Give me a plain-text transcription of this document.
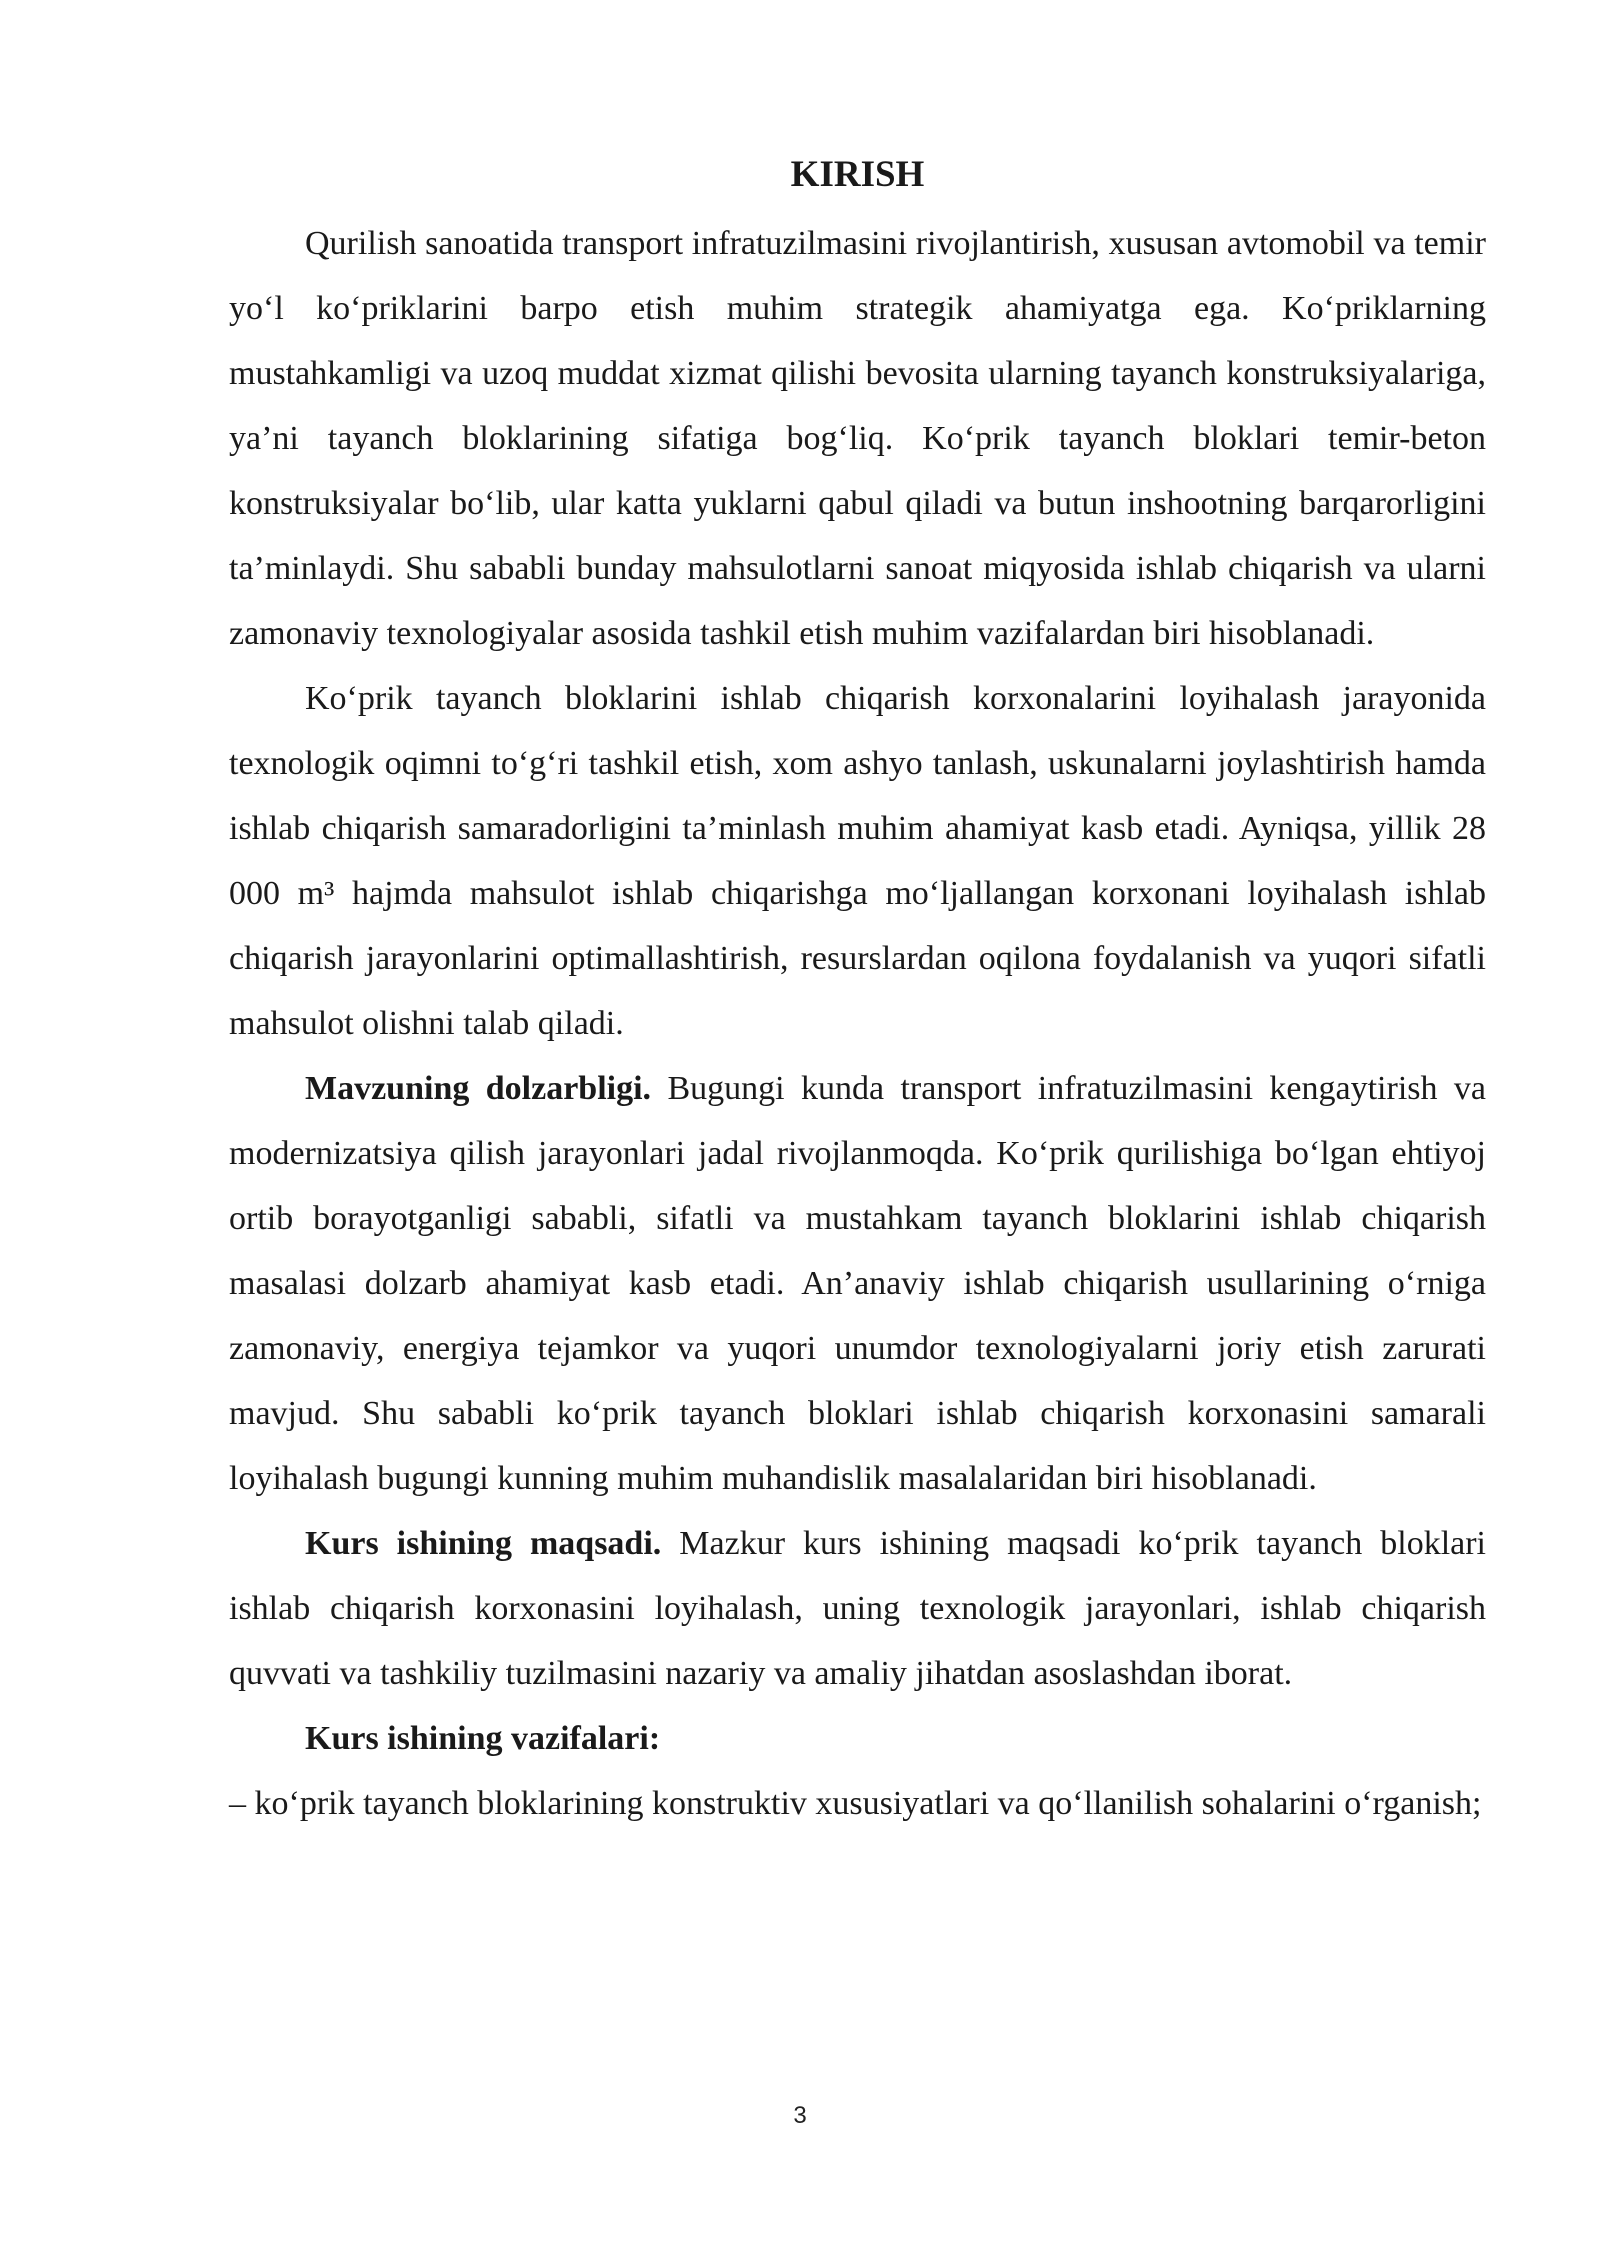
KIRISH

Qurilish sanoatida transport infratuzilmasini rivojlantirish, xususan avtomobil va temir yo‘l ko‘priklarini barpo etish muhim strategik ahamiyatga ega. Ko‘priklarning mustahkamligi va uzoq muddat xizmat qilishi bevosita ularning tayanch konstruksiyalariga, ya’ni tayanch bloklarining sifatiga bog‘liq. Ko‘prik tayanch bloklari temir-beton konstruksiyalar bo‘lib, ular katta yuklarni qabul qiladi va butun inshootning barqarorligini ta’minlaydi. Shu sababli bunday mahsulotlarni sanoat miqyosida ishlab chiqarish va ularni zamonaviy texnologiyalar asosida tashkil etish muhim vazifalardan biri hisoblanadi.

Ko‘prik tayanch bloklarini ishlab chiqarish korxonalarini loyihalash jarayonida texnologik oqimni to‘g‘ri tashkil etish, xom ashyo tanlash, uskunalarni joylashtirish hamda ishlab chiqarish samaradorligini ta’minlash muhim ahamiyat kasb etadi. Ayniqsa, yillik 28 000 m³ hajmda mahsulot ishlab chiqarishga mo‘ljallangan korxonani loyihalash ishlab chiqarish jarayonlarini optimallashtirish, resurslardan oqilona foydalanish va yuqori sifatli mahsulot olishni talab qiladi.

Mavzuning dolzarbligi. Bugungi kunda transport infratuzilmasini kengaytirish va modernizatsiya qilish jarayonlari jadal rivojlanmoqda. Ko‘prik qurilishiga bo‘lgan ehtiyoj ortib borayotganligi sababli, sifatli va mustahkam tayanch bloklarini ishlab chiqarish masalasi dolzarb ahamiyat kasb etadi. An’anaviy ishlab chiqarish usullarining o‘rniga zamonaviy, energiya tejamkor va yuqori unumdor texnologiyalarni joriy etish zarurati mavjud. Shu sababli ko‘prik tayanch bloklari ishlab chiqarish korxonasini samarali loyihalash bugungi kunning muhim muhandislik masalalaridan biri hisoblanadi.

Kurs ishining maqsadi. Mazkur kurs ishining maqsadi ko‘prik tayanch bloklari ishlab chiqarish korxonasini loyihalash, uning texnologik jarayonlari, ishlab chiqarish quvvati va tashkiliy tuzilmasini nazariy va amaliy jihatdan asoslashdan iborat.

Kurs ishining vazifalari:

– ko‘prik tayanch bloklarining konstruktiv xususiyatlari va qo‘llanilish sohalarini o‘rganish;

3
